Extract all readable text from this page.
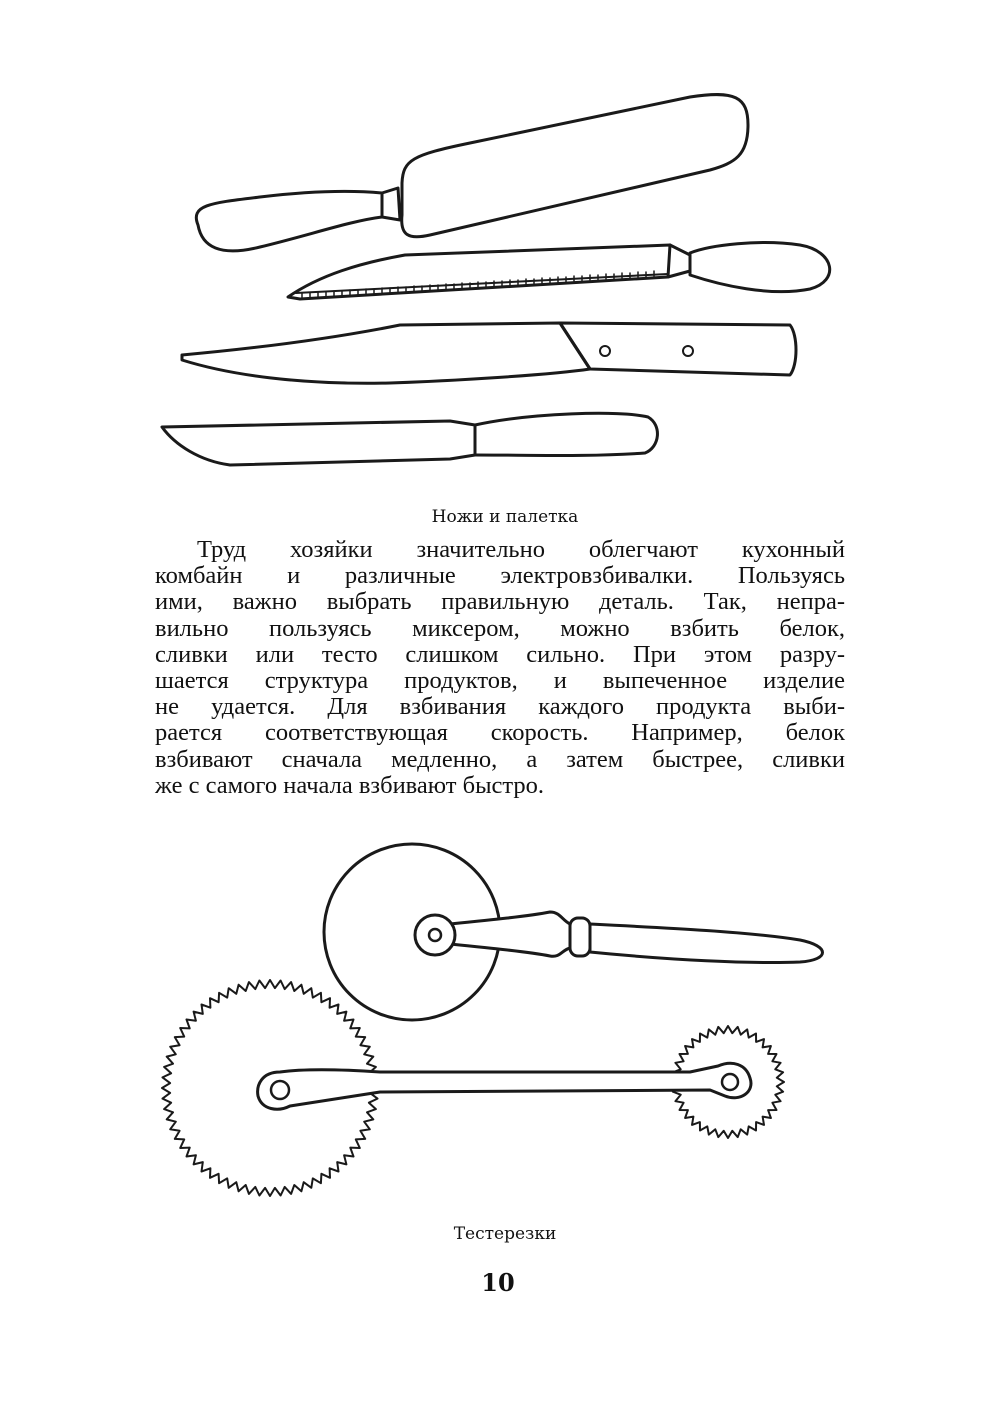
Ножи и палетка
Труд хозяйки значительно облегчают кухонный
комбайн и различные электровзбивалки. Пользуясь
ими, важно выбрать правильную деталь. Так, непра-
вильно пользуясь миксером, можно взбить белок,
сливки или тесто слишком сильно. При этом разру-
шается структура продуктов, и выпеченное изделие
не удается. Для взбивания каждого продукта выби-
рается соответствующая скорость. Например, белок
взбивают сначала медленно, а затем быстрее, сливки
же с самого начала взбивают быстро.
Тестерезки
10
